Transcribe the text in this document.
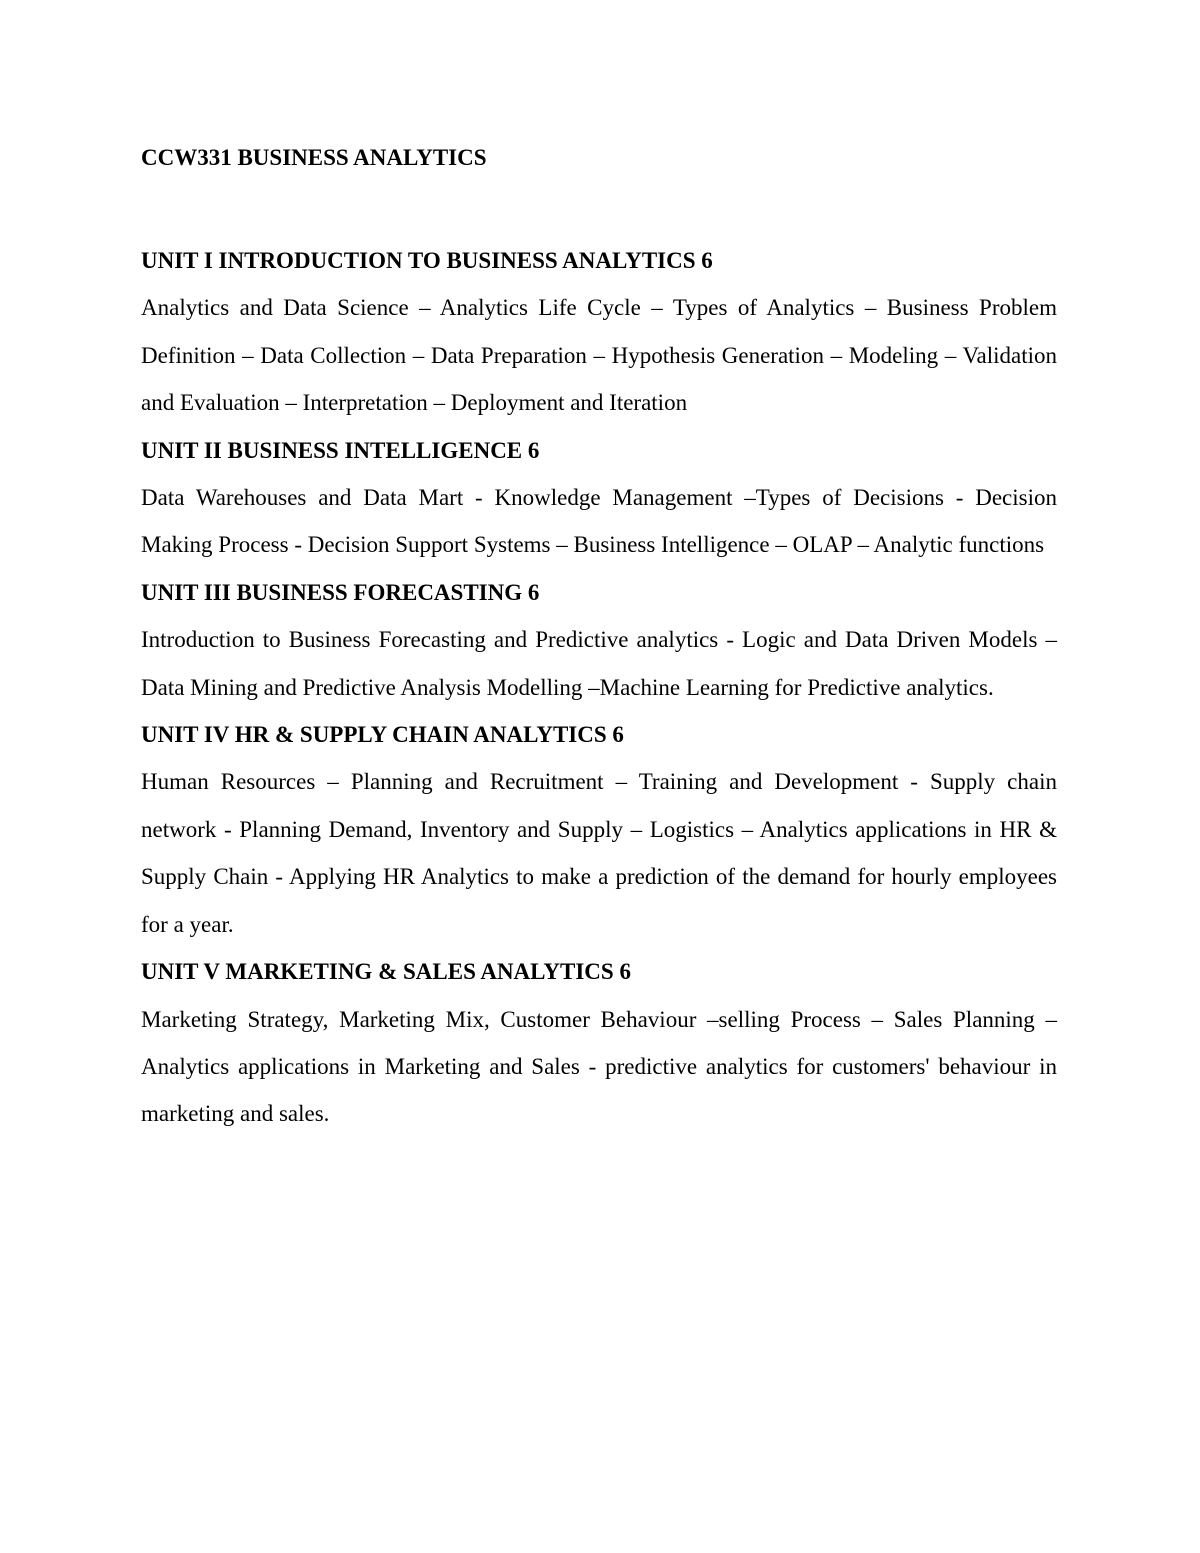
CCW331 BUSINESS ANALYTICS
UNIT I INTRODUCTION TO BUSINESS ANALYTICS 6

Analytics and Data Science – Analytics Life Cycle – Types of Analytics – Business Problem Definition – Data Collection – Data Preparation – Hypothesis Generation – Modeling – Validation and Evaluation – Interpretation – Deployment and Iteration

UNIT II BUSINESS INTELLIGENCE 6

Data Warehouses and Data Mart - Knowledge Management –Types of Decisions - Decision Making Process - Decision Support Systems – Business Intelligence – OLAP – Analytic functions

UNIT III BUSINESS FORECASTING 6

Introduction to Business Forecasting and Predictive analytics - Logic and Data Driven Models –Data Mining and Predictive Analysis Modelling –Machine Learning for Predictive analytics.

UNIT IV HR & SUPPLY CHAIN ANALYTICS 6

Human Resources – Planning and Recruitment – Training and Development - Supply chain network - Planning Demand, Inventory and Supply – Logistics – Analytics applications in HR & Supply Chain - Applying HR Analytics to make a prediction of the demand for hourly employees for a year.

UNIT V MARKETING & SALES ANALYTICS 6

Marketing Strategy, Marketing Mix, Customer Behaviour –selling Process – Sales Planning – Analytics applications in Marketing and Sales - predictive analytics for customers' behaviour in marketing and sales.
